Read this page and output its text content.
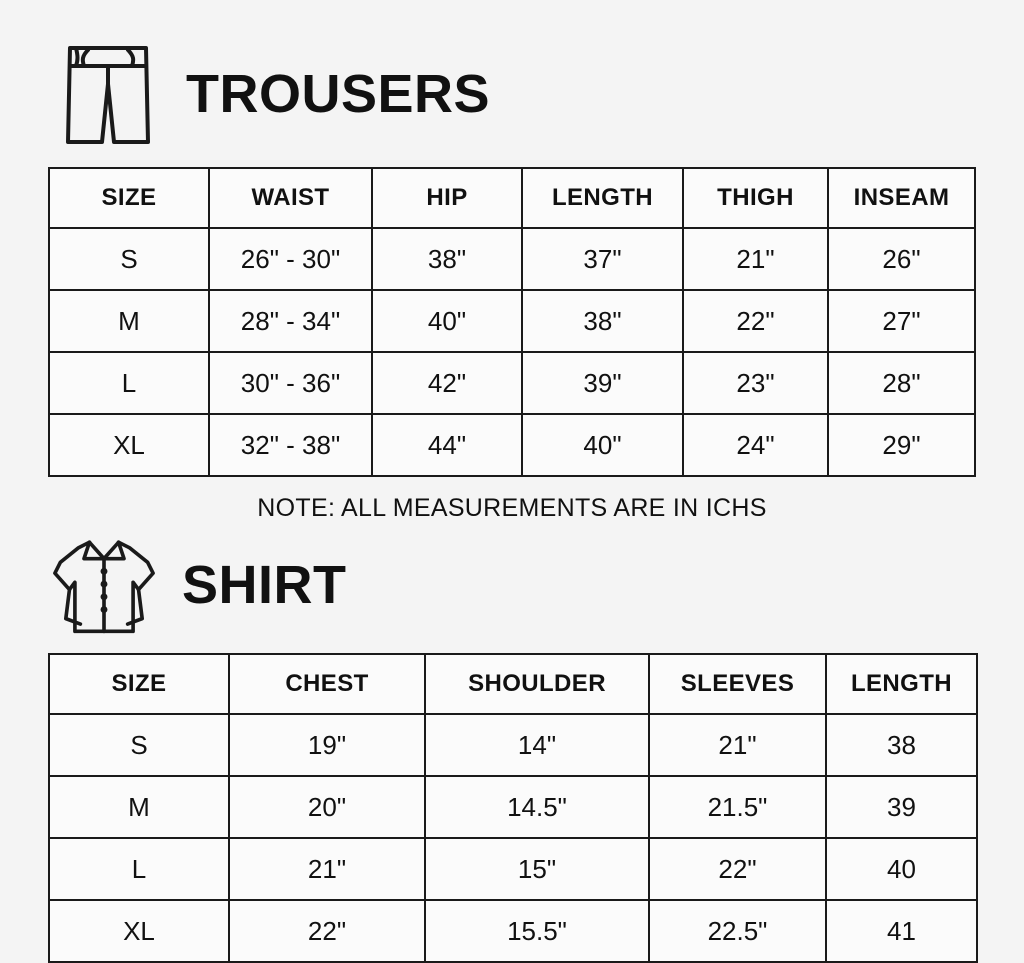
TROUSERS
SIZE	WAIST	HIP	LENGTH	THIGH	INSEAM
S	26" - 30"	38"	37"	21"	26"
M	28" - 34"	40"	38"	22"	27"
L	30" - 36"	42"	39"	23"	28"
XL	32" - 38"	44"	40"	24"	29"
NOTE: ALL MEASUREMENTS ARE IN ICHS
SHIRT
SIZE	CHEST	SHOULDER	SLEEVES	LENGTH
S	19"	14"	21"	38
M	20"	14.5"	21.5"	39
L	21"	15"	22"	40
XL	22"	15.5"	22.5"	41
